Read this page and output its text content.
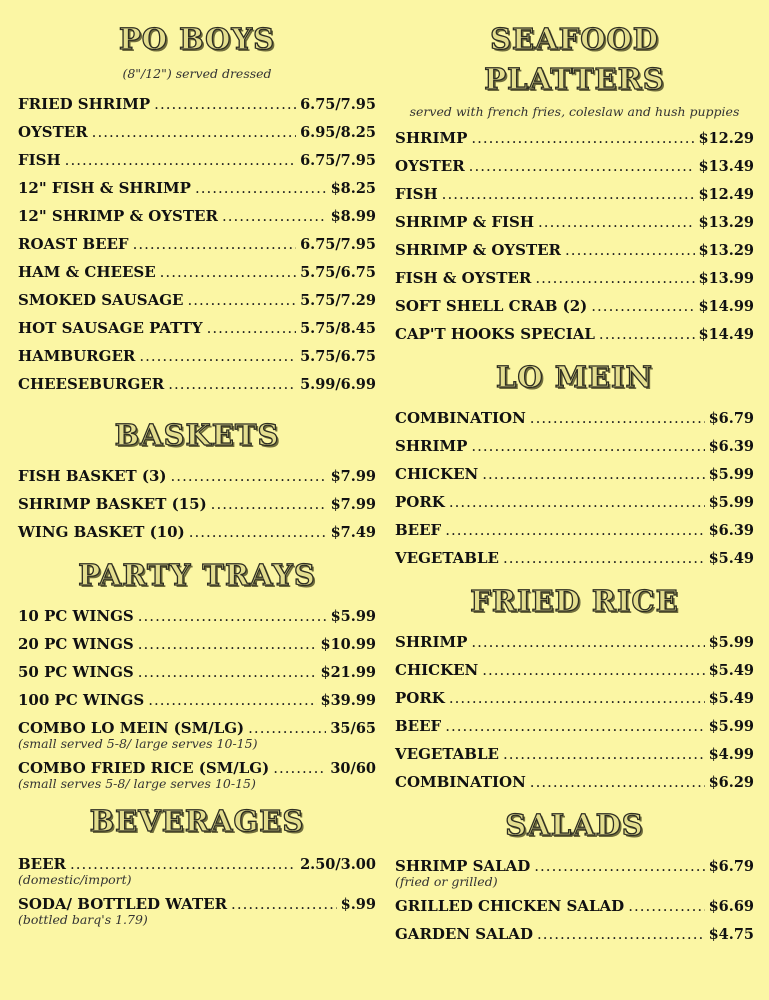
PO BOYS

(8"/12") served dressed

FRIED SHRIMP .....	6.75/7.95
OYSTER .....	6.95/8.25
FISH .....	6.75/7.95
12" FISH & SHRIMP .....	$8.25
12" SHRIMP & OYSTER .....	$8.99
ROAST BEEF .....	6.75/7.95
HAM & CHEESE .....	5.75/6.75
SMOKED SAUSAGE .....	5.75/7.29
HOT SAUSAGE PATTY .....	5.75/8.45
HAMBURGER .....	5.75/6.75
CHEESEBURGER .....	5.99/6.99
BASKETS
FISH BASKET (3) .....	$7.99
SHRIMP BASKET (15) .....	$7.99
WING BASKET (10) .....	$7.49
PARTY TRAYS
10 PC WINGS .....	$5.99
20 PC WINGS .....	$10.99
50 PC WINGS .....	$21.99
100 PC WINGS .....	$39.99
COMBO LO MEIN (SM/LG) .....	35/65
(small served 5-8/ large serves 10-15)
COMBO FRIED RICE (SM/LG) .....	30/60
(small serves 5-8/ large serves 10-15)
BEVERAGES
BEER .....	2.50/3.00
(domestic/import)
SODA/ BOTTLED WATER .....	$.99
(bottled barq's 1.79)
SEAFOOD
PLATTERS

served with french fries, coleslaw and hush puppies

SHRIMP .....	$12.29
OYSTER .....	$13.49
FISH .....	$12.49
SHRIMP & FISH .....	$13.29
SHRIMP & OYSTER .....	$13.29
FISH & OYSTER .....	$13.99
SOFT SHELL CRAB (2) .....	$14.99
CAP'T HOOKS SPECIAL .....	$14.49
LO MEIN
COMBINATION .....	$6.79
SHRIMP .....	$6.39
CHICKEN .....	$5.99
PORK .....	$5.99
BEEF .....	$6.39
VEGETABLE .....	$5.49
FRIED RICE
SHRIMP .....	$5.99
CHICKEN .....	$5.49
PORK .....	$5.49
BEEF .....	$5.99
VEGETABLE .....	$4.99
COMBINATION .....	$6.29
SALADS
SHRIMP SALAD .....	$6.79
(fried or grilled)
GRILLED CHICKEN SALAD .....	$6.69
GARDEN SALAD .....	$4.75
